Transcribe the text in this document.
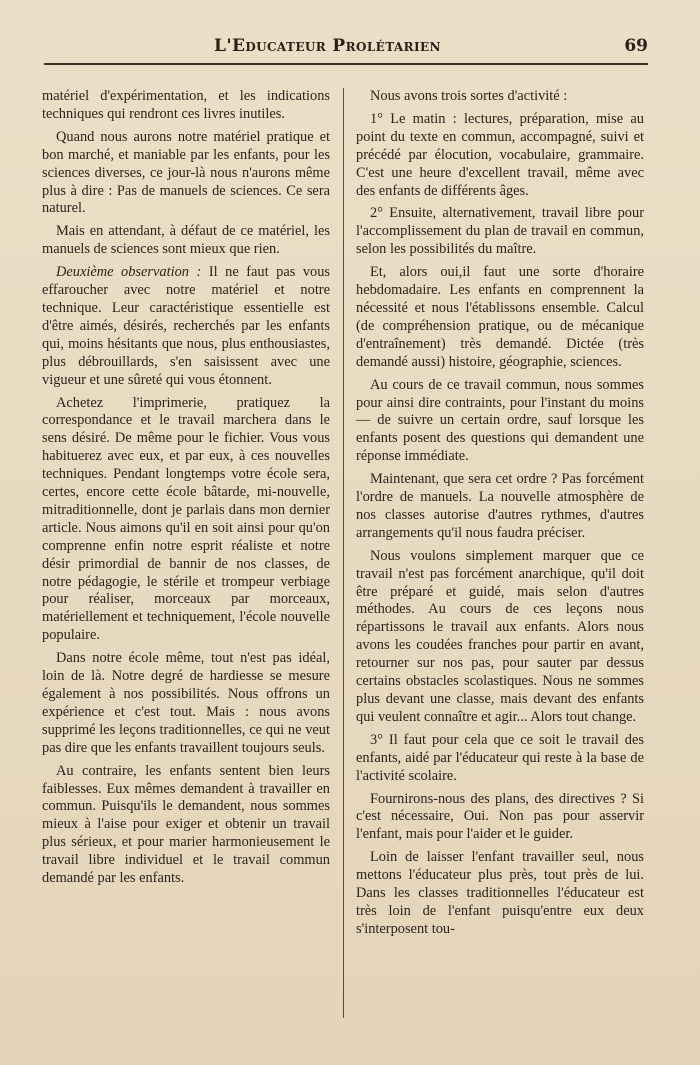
L'Educateur Prolétarien	69

matériel d'expérimentation, et les indications techniques qui rendront ces livres inutiles.

Quand nous aurons notre matériel pratique et bon marché, et maniable par les enfants, pour les sciences diverses, ce jour-là nous n'aurons même plus à dire : Pas de manuels de sciences. Ce sera naturel.

Mais en attendant, à défaut de ce matériel, les manuels de sciences sont mieux que rien.

Deuxième observation : Il ne faut pas vous effaroucher avec notre matériel et notre technique. Leur caractéristique essentielle est d'être aimés, désirés, recherchés par les enfants qui, moins hésitants que nous, plus enthousiastes, plus débrouillards, s'en saisissent avec une vigueur et une sûreté qui vous étonnent.

Achetez l'imprimerie, pratiquez la correspondance et le travail marchera dans le sens désiré. De même pour le fichier. Vous vous habituerez avec eux, et par eux, à ces nouvelles techniques. Pendant longtemps votre école sera, certes, encore cette école bâtarde, mi-nouvelle, mitraditionnelle, dont je parlais dans mon dernier article. Nous aimons qu'il en soit ainsi pour qu'on comprenne enfin notre esprit réaliste et notre désir primordial de bannir de nos classes, de notre pédagogie, le stérile et trompeur verbiage pour réaliser, morceaux par morceaux, matériellement et techniquement, l'école nouvelle populaire.

Dans notre école même, tout n'est pas idéal, loin de là. Notre degré de hardiesse se mesure également à nos possibilités. Nous offrons un expérience et c'est tout. Mais : nous avons supprimé les leçons traditionnelles, ce qui ne veut pas dire que les enfants travaillent toujours seuls.

Au contraire, les enfants sentent bien leurs faiblesses. Eux mêmes demandent à travailler en commun. Puisqu'ils le demandent, nous sommes mieux à l'aise pour exiger et obtenir un travail plus sérieux, et pour marier harmonieusement le travail libre individuel et le travail commun demandé par les enfants.

Nous avons trois sortes d'activité :

1° Le matin : lectures, préparation, mise au point du texte en commun, accompagné, suivi et précédé par élocution, vocabulaire, grammaire. C'est une heure d'excellent travail, même avec des enfants de différents âges.

2° Ensuite, alternativement, travail libre pour l'accomplissement du plan de travail en commun, selon les possibilités du maître.

Et, alors oui,il faut une sorte d'horaire hebdomadaire. Les enfants en comprennent la nécessité et nous l'établissons ensemble. Calcul (de compréhension pratique, ou de mécanique d'entraînement) très demandé. Dictée (très demandé aussi) histoire, géographie, sciences.

Au cours de ce travail commun, nous sommes pour ainsi dire contraints, pour l'instant du moins — de suivre un certain ordre, sauf lorsque les enfants posent des questions qui demandent une réponse immédiate.

Maintenant, que sera cet ordre ? Pas forcément l'ordre de manuels. La nouvelle atmosphère de nos classes autorise d'autres rythmes, d'autres arrangements qu'il nous faudra préciser.

Nous voulons simplement marquer que ce travail n'est pas forcément anarchique, qu'il doit être préparé et guidé, mais selon d'autres méthodes. Au cours de ces leçons nous répartissons le travail aux enfants. Alors nous avons les coudées franches pour partir en avant, retourner sur nos pas, pour sauter par dessus certains obstacles scolastiques. Nous ne sommes plus devant une classe, mais devant des enfants qui veulent connaître et agir... Alors tout change.

3° Il faut pour cela que ce soit le travail des enfants, aidé par l'éducateur qui reste à la base de l'activité scolaire.

Fournirons-nous des plans, des directives ? Si c'est nécessaire, Oui. Non pas pour asservir l'enfant, mais pour l'aider et le guider.

Loin de laisser l'enfant travailler seul, nous mettons l'éducateur plus près, tout près de lui. Dans les classes traditionnelles l'éducateur est très loin de l'enfant puisqu'entre eux deux s'interposent tou-
